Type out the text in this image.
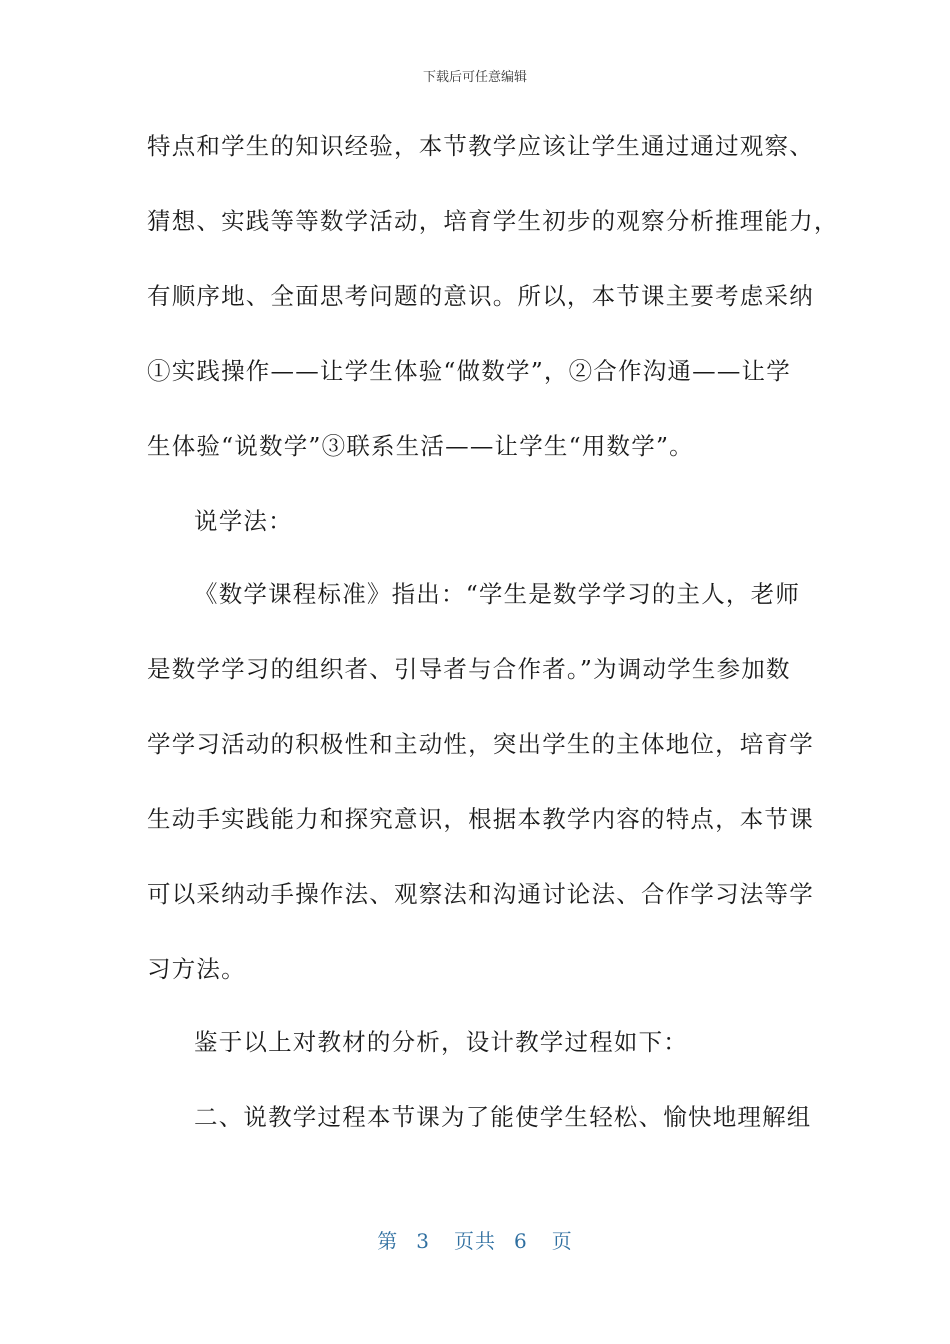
下载后可任意编辑
特点和学生的知识经验，本节教学应该让学生通过通过观察、
猜想、实践等等数学活动，培育学生初步的观察分析推理能力，
有顺序地、全面思考问题的意识。所以，本节课主要考虑采纳
①实践操作——让学生体验“做数学”，②合作沟通——让学
生体验“说数学”③联系生活——让学生“用数学”。
说学法：
《数学课程标准》指出：“学生是数学学习的主人，老师
是数学学习的组织者、引导者与合作者。”为调动学生参加数
学学习活动的积极性和主动性，突出学生的主体地位，培育学
生动手实践能力和探究意识，根据本教学内容的特点，本节课
可以采纳动手操作法、观察法和沟通讨论法、合作学习法等学
习方法。
鉴于以上对教材的分析，设计教学过程如下：
二、说教学过程本节课为了能使学生轻松、愉快地理解组
第 3 页共 6 页
